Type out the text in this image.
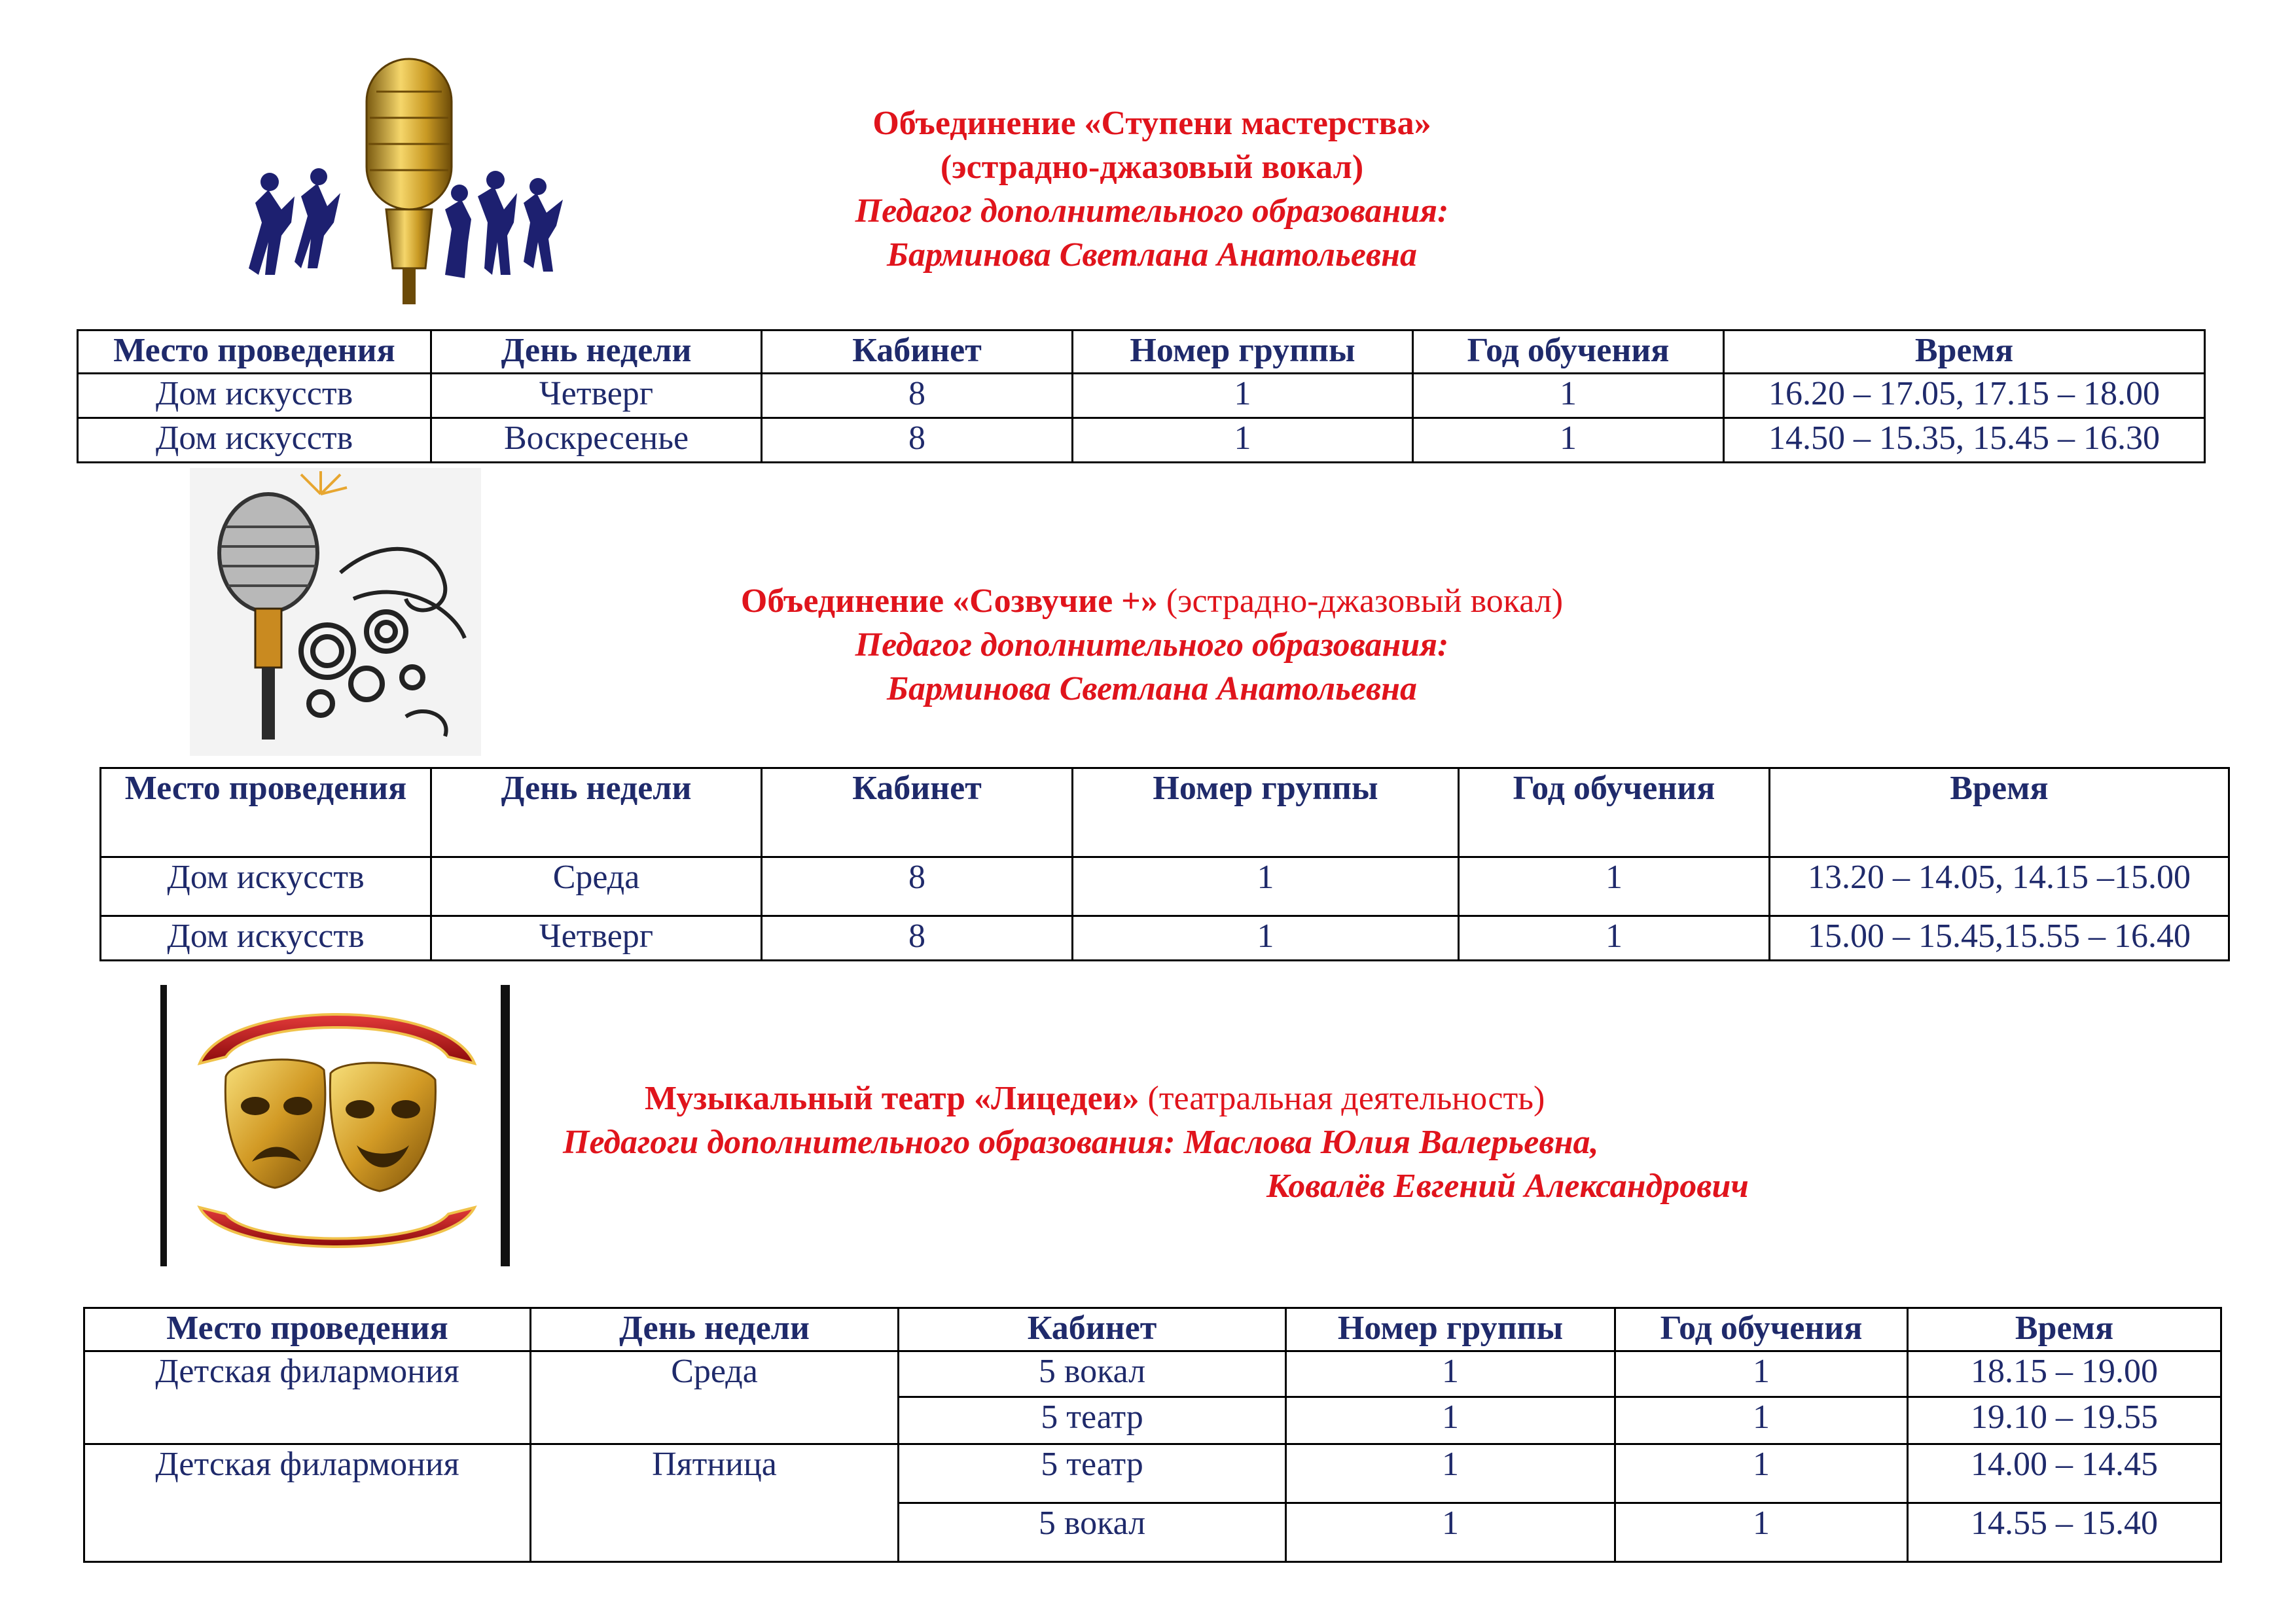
Объединение «Ступени мастерства»
(эстрадно-джазовый вокал)
Педагог дополнительного образования:
Барминова Светлана Анатольевна
Место проведения	День недели	Кабинет	Номер группы	Год обучения	Время
Дом искусств	Четверг	8	1	1	16.20 – 17.05, 17.15 – 18.00
Дом искусств	Воскресенье	8	1	1	14.50 – 15.35, 15.45 – 16.30
Объединение «Созвучие +» (эстрадно-джазовый вокал)
Педагог дополнительного образования:
Барминова Светлана Анатольевна
Место проведения	День недели	Кабинет	Номер группы	Год обучения	Время
Дом искусств	Среда	8	1	1	13.20 – 14.05, 14.15 –15.00
Дом искусств	Четверг	8	1	1	15.00 – 15.45,15.55 – 16.40
Музыкальный театр «Лицедеи» (театральная деятельность)
Педагоги дополнительного образования: Маслова Юлия Валерьевна,
Ковалёв Евгений Александрович
Место проведения	День недели	Кабинет	Номер группы	Год обучения	Время
Детская филармония	Среда	5 вокал	1	1	18.15 – 19.00
		5 театр	1	1	19.10 – 19.55
Детская филармония	Пятница	5 театр	1	1	14.00 – 14.45
		5 вокал	1	1	14.55 – 15.40
